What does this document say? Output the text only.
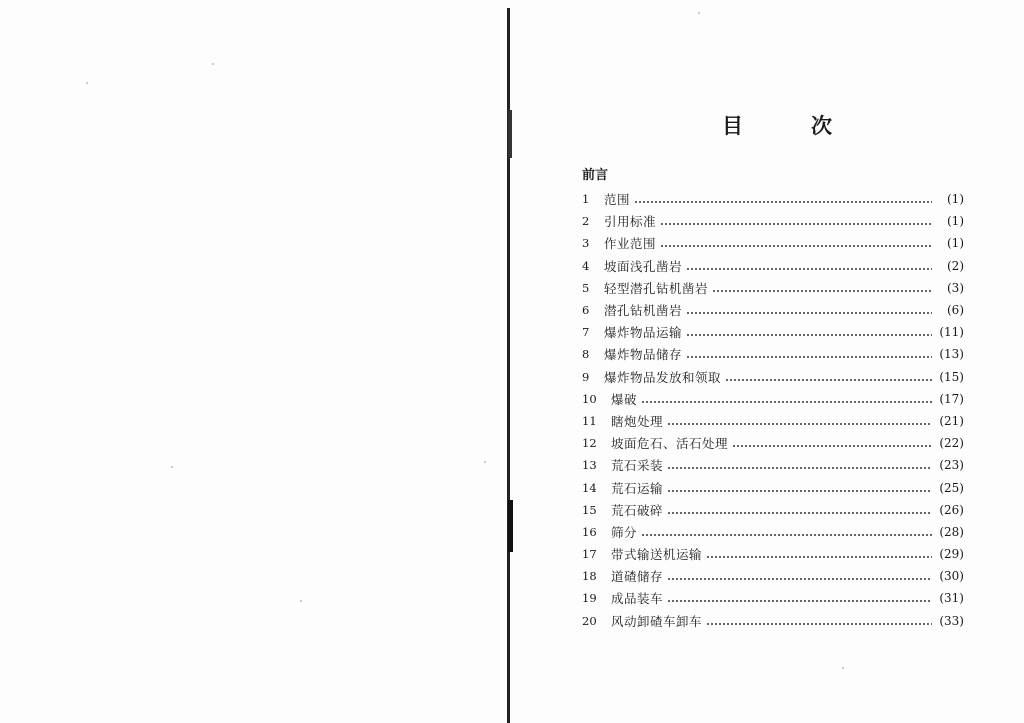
目	次
前言
1	范围	(1)
2	引用标准	(1)
3	作业范围	(1)
4	坡面浅孔凿岩	(2)
5	轻型潜孔钻机凿岩	(3)
6	潜孔钻机凿岩	(6)
7	爆炸物品运输	(11)
8	爆炸物品储存	(13)
9	爆炸物品发放和领取	(15)
10	爆破	(17)
11	瞎炮处理	(21)
12	坡面危石、活石处理	(22)
13	荒石采装	(23)
14	荒石运输	(25)
15	荒石破碎	(26)
16	筛分	(28)
17	带式输送机运输	(29)
18	道碴储存	(30)
19	成品装车	(31)
20	风动卸碴车卸车	(33)
